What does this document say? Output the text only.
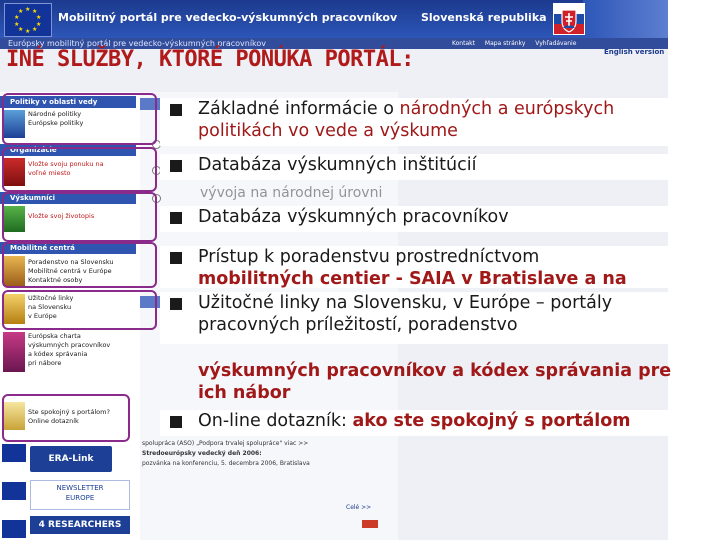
★ ★
★
★
★
★
★
★
★
★	Mobilitný portál pre vedecko-výskumných pracovníkov Slovenská republika
Európsky mobilitný portál pre vedecko-výskumných pracovníkov	Kontakt Mapa stránky Vyhľadávanie
English version
Politiky v oblasti vedy
Národné politiky
Európske politiky
Organizácie
Vložte svoju ponuku na
voľné miesto
Výskumníci
Vložte svoj životopis
Mobilitné centrá
Poradenstvo na Slovensku
Mobilitné centrá v Európe
Kontaktné osoby
Užitočné linky
na Slovensku
v Európe
Európska charta
výskumných pracovníkov
a kódex správania
pri nábore
Ste spokojný s portálom?
Online dotazník
ERA-Link
NEWSLETTER
EUROPE
4 RESEARCHERS
Stredoeurópsky vedecký deň 2006:
pozvánka na konferenciu, 5. decembra 2006, Bratislava
spolupráca (ASO) „Podpora trvalej spolupráce" viac >>
Celé >>
INÉ SLUŽBY, KTORÉ PONÚKA PORTÁL:
vývoja na národnej úrovni
Základné informácie o národných a európskych politikách vo vede a výskume
Databáza výskumných inštitúcií
Databáza výskumných pracovníkov
Prístup k poradenstvu prostredníctvom
mobilitných centier - SAIA v Bratislave a na
Užitočné linky na Slovensku, v Európe – portály pracovných príležitostí, poradenstvo
výskumných pracovníkov a kódex správania pre ich nábor
On-line dotazník: ako ste spokojný s portálom
